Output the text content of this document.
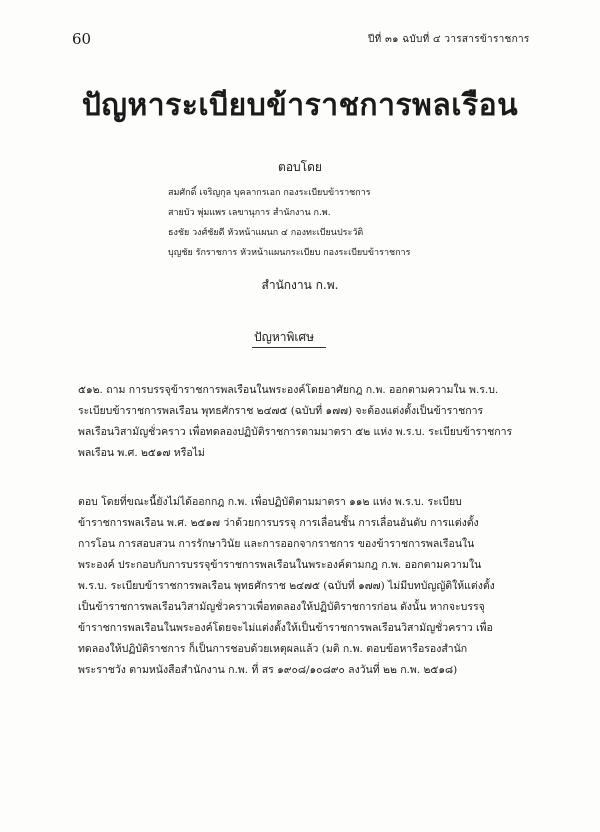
60	ปีที่ ๓๑ ฉบับที่ ๔ วารสารข้าราชการ
ปัญหาระเบียบข้าราชการพลเรือน
ตอบโดย
สมศักดิ์ เจริญกุล บุคลากรเอก กองระเบียบข้าราชการ
สายบัว พุ่มแพร เลขานุการ สำนักงาน ก.พ.
ธงชัย วงศ์ชัยดี หัวหน้าแผนก ๔ กองทะเบียนประวัติ
บุญชัย รักราชการ หัวหน้าแผนกระเบียบ กองระเบียบข้าราชการ
สำนักงาน ก.พ.
ปัญหาพิเศษ
๕๑๒. ถาม การบรรจุข้าราชการพลเรือนในพระองค์โดยอาศัยกฎ ก.พ. ออกตามความใน พ.ร.บ.
ระเบียบข้าราชการพลเรือน พุทธศักราช ๒๔๗๕ (ฉบับที่ ๑๗๗) จะต้องแต่งตั้งเป็นข้าราชการ
พลเรือนวิสามัญชั่วคราว เพื่อทดลองปฏิบัติราชการตามมาตรา ๕๒ แห่ง พ.ร.บ. ระเบียบข้าราชการ
พลเรือน พ.ศ. ๒๕๑๗ หรือไม่
ตอบ โดยที่ขณะนี้ยังไม่ได้ออกกฎ ก.พ. เพื่อปฏิบัติตามมาตรา ๑๑๒ แห่ง พ.ร.บ. ระเบียบ
ข้าราชการพลเรือน พ.ศ. ๒๕๑๗ ว่าด้วยการบรรจุ การเลื่อนชั้น การเลื่อนอันดับ การแต่งตั้ง
การโอน การสอบสวน การรักษาวินัย และการออกจากราชการ ของข้าราชการพลเรือนใน
พระองค์ ประกอบกับการบรรจุข้าราชการพลเรือนในพระองค์ตามกฎ ก.พ. ออกตามความใน
พ.ร.บ. ระเบียบข้าราชการพลเรือน พุทธศักราช ๒๔๗๕ (ฉบับที่ ๑๗๗) ไม่มีบทบัญญัติให้แต่งตั้ง
เป็นข้าราชการพลเรือนวิสามัญชั่วคราวเพื่อทดลองให้ปฏิบัติราชการก่อน ดังนั้น หากจะบรรจุ
ข้าราชการพลเรือนในพระองค์โดยจะไม่แต่งตั้งให้เป็นข้าราชการพลเรือนวิสามัญชั่วคราว เพื่อ
ทดลองให้ปฏิบัติราชการ ก็เป็นการชอบด้วยเหตุผลแล้ว (มติ ก.พ. ตอบข้อหารือรองสำนัก
พระราชวัง ตามหนังสือสำนักงาน ก.พ. ที่ สร ๑๙๐๘/๑๐๘๙๐ ลงวันที่ ๒๒ ก.พ. ๒๕๑๘)
